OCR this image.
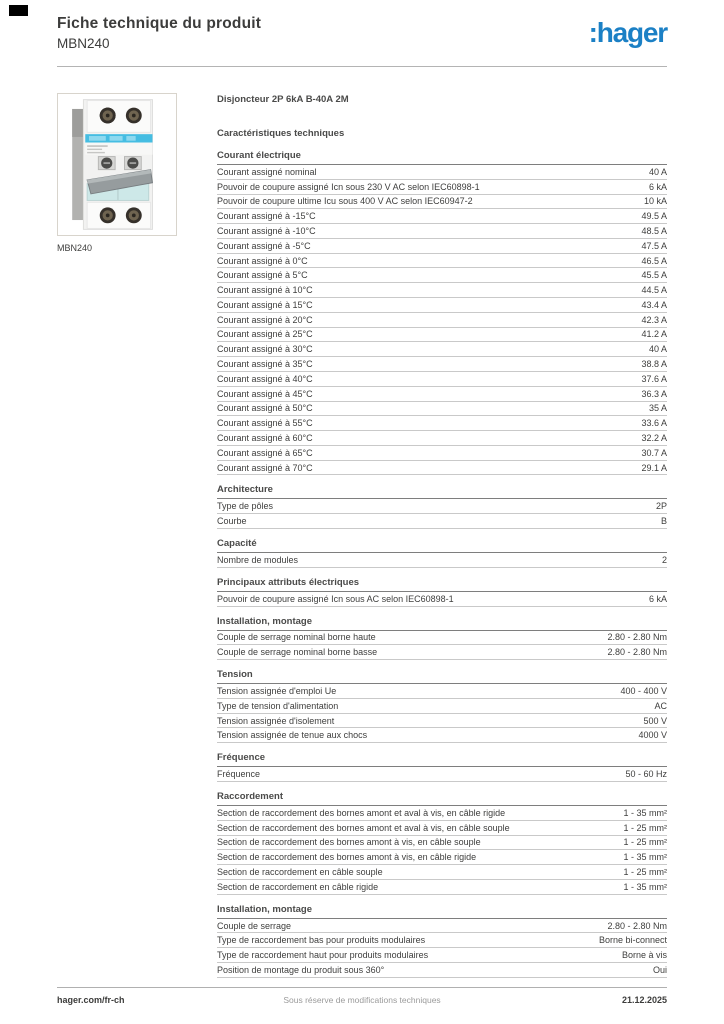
Fiche technique du produit
MBN240	:hager
MBN240
Disjoncteur 2P 6kA B-40A 2M
Caractéristiques techniques
Courant électrique
Courant assigné nominal	40 A
Pouvoir de coupure assigné Icn sous 230 V AC selon IEC60898-1	6 kA
Pouvoir de coupure ultime Icu sous 400 V AC selon IEC60947-2	10 kA
Courant assigné à -15°C	49.5 A
Courant assigné à -10°C	48.5 A
Courant assigné à -5°C	47.5 A
Courant assigné à 0°C	46.5 A
Courant assigné à 5°C	45.5 A
Courant assigné à 10°C	44.5 A
Courant assigné à 15°C	43.4 A
Courant assigné à 20°C	42.3 A
Courant assigné à 25°C	41.2 A
Courant assigné à 30°C	40 A
Courant assigné à 35°C	38.8 A
Courant assigné à 40°C	37.6 A
Courant assigné à 45°C	36.3 A
Courant assigné à 50°C	35 A
Courant assigné à 55°C	33.6 A
Courant assigné à 60°C	32.2 A
Courant assigné à 65°C	30.7 A
Courant assigné à 70°C	29.1 A
Architecture
Type de pôles	2P
Courbe	B
Capacité
Nombre de modules	2
Principaux attributs électriques
Pouvoir de coupure assigné Icn sous AC selon IEC60898-1	6 kA
Installation, montage
Couple de serrage nominal borne haute	2.80 - 2.80 Nm
Couple de serrage nominal borne basse	2.80 - 2.80 Nm
Tension
Tension assignée d'emploi Ue	400 - 400 V
Type de tension d'alimentation	AC
Tension assignée d'isolement	500 V
Tension assignée de tenue aux chocs	4000 V
Fréquence
Fréquence	50 - 60 Hz
Raccordement
Section de raccordement des bornes amont et aval à vis, en câble rigide	1 - 35 mm²
Section de raccordement des bornes amont et aval à vis, en câble souple	1 - 25 mm²
Section de raccordement des bornes amont à vis, en câble souple	1 - 25 mm²
Section de raccordement des bornes amont à vis, en câble rigide	1 - 35 mm²
Section de raccordement en câble souple	1 - 25 mm²
Section de raccordement en câble rigide	1 - 35 mm²
Installation, montage
Couple de serrage	2.80 - 2.80 Nm
Type de raccordement bas pour produits modulaires	Borne bi-connect
Type de raccordement haut pour produits modulaires	Borne à vis
Position de montage du produit sous 360°	Oui
hager.com/fr-ch	Sous réserve de modifications techniques	21.12.2025
